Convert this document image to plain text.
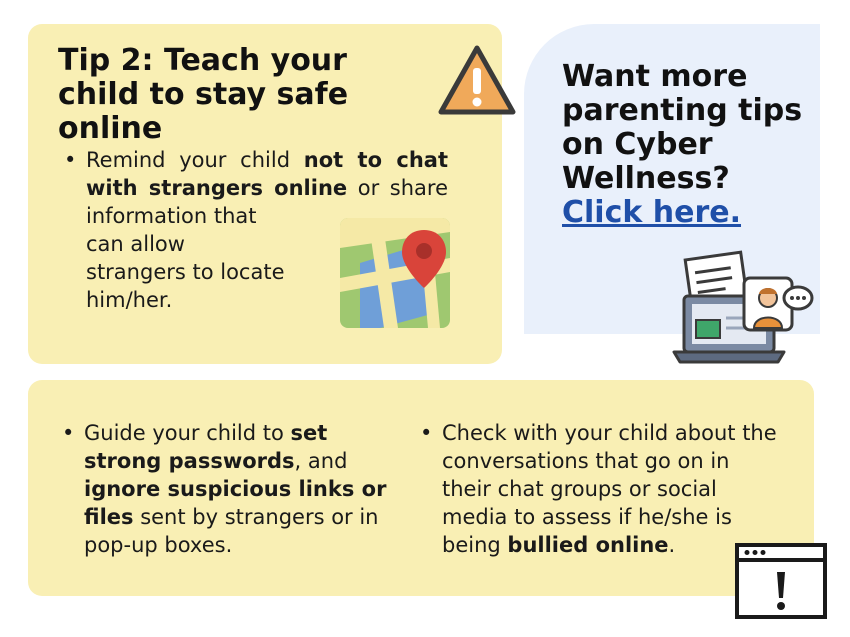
Tip 2: Teach your child to stay safe online
• Remind your child not to chat
with strangers online or share
information that can allow strangers to locate him/her.
Want more parenting tips on Cyber Wellness?
Click here.
• Guide your child to set strong passwords, and ignore suspicious links or files sent by strangers or in pop-up boxes.
• Check with your child about the conversations that go on in their chat groups or social media to assess if he/she is being bullied online.
